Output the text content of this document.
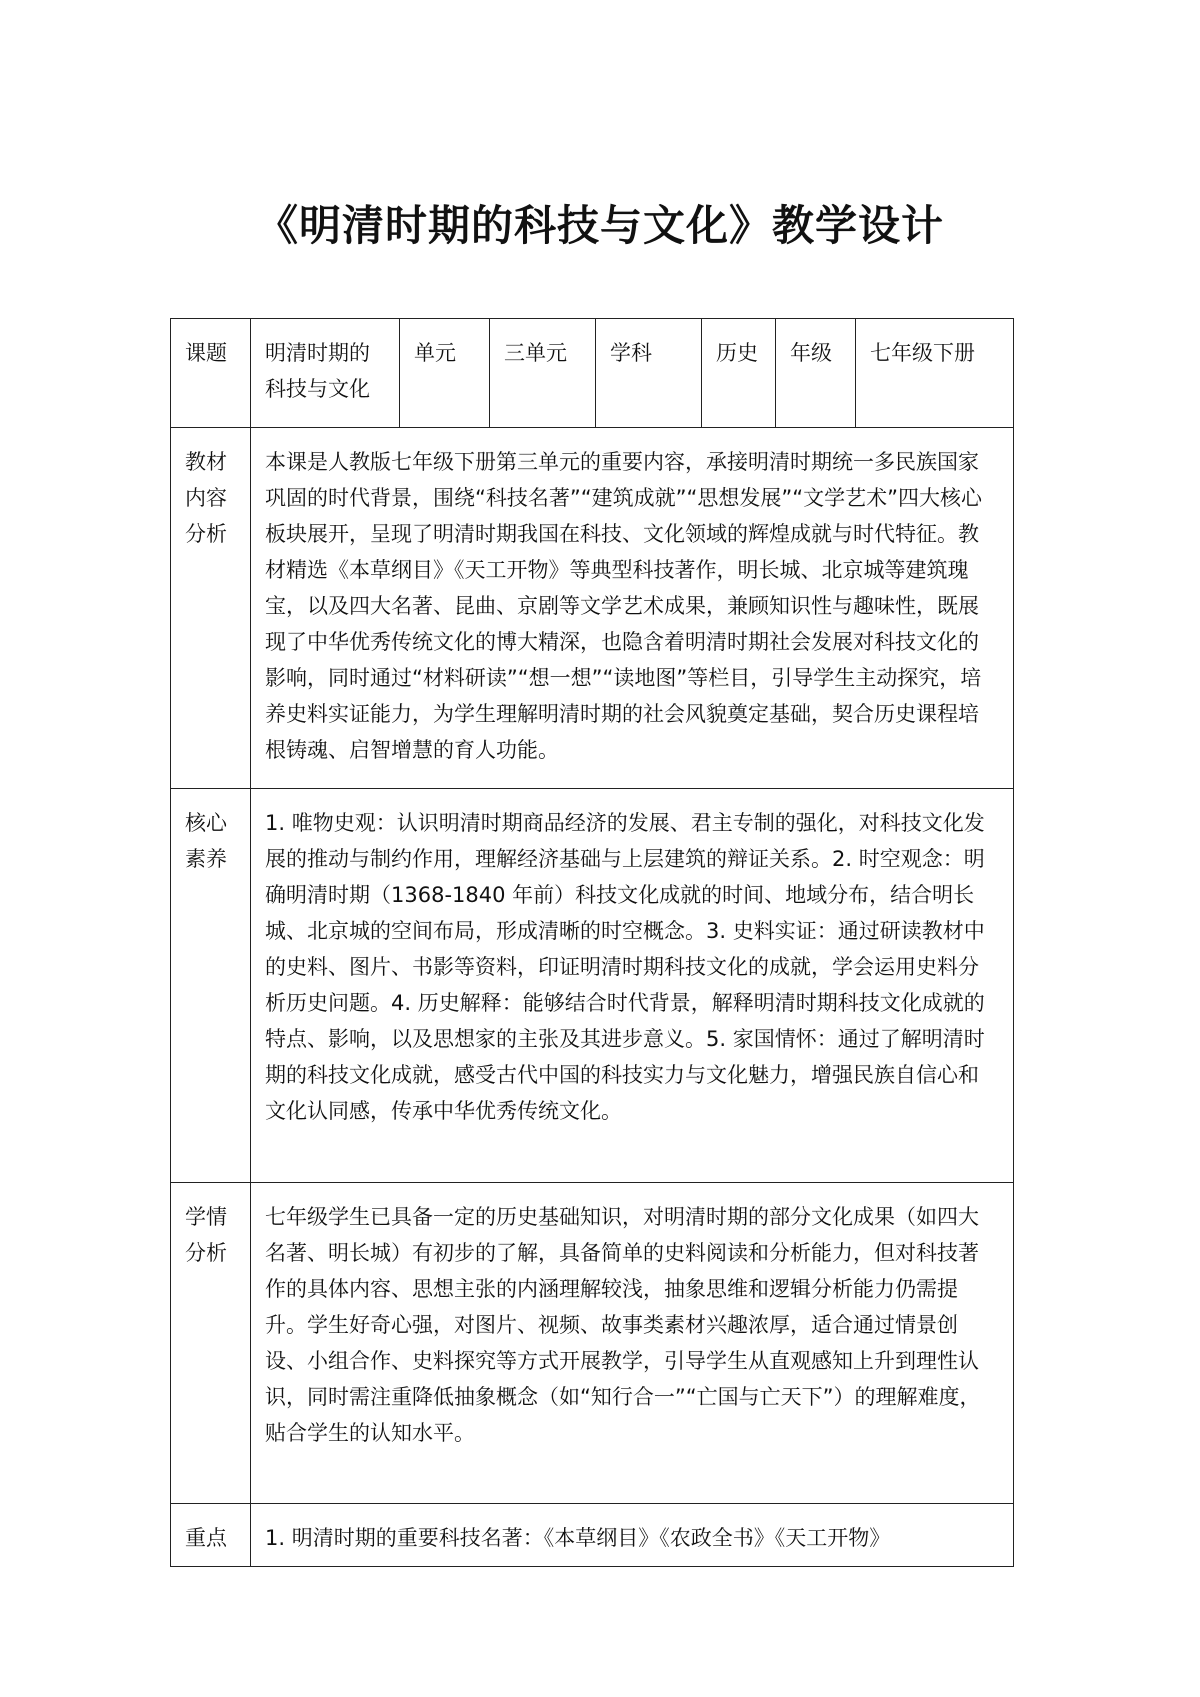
《明清时期的科技与文化》教学设计
课题	明清时期的科技与文化	单元	三单元	学科	历史	年级	七年级下册
教材内容分析	本课是人教版七年级下册第三单元的重要内容，承接明清时期统一多民族国家巩固的时代背景，围绕“科技名著”“建筑成就”“思想发展”“文学艺术”四大核心板块展开，呈现了明清时期我国在科技、文化领域的辉煌成就与时代特征。教材精选《本草纲目》《天工开物》等典型科技著作，明长城、北京城等建筑瑰宝，以及四大名著、昆曲、京剧等文学艺术成果，兼顾知识性与趣味性，既展现了中华优秀传统文化的博大精深，也隐含着明清时期社会发展对科技文化的影响，同时通过“材料研读”“想一想”“读地图”等栏目，引导学生主动探究，培养史料实证能力，为学生理解明清时期的社会风貌奠定基础，契合历史课程培根铸魂、启智增慧的育人功能。						
核心素养	1. 唯物史观：认识明清时期商品经济的发展、君主专制的强化，对科技文化发展的推动与制约作用，理解经济基础与上层建筑的辩证关系。2. 时空观念：明确明清时期（1368-1840 年前）科技文化成就的时间、地域分布，结合明长城、北京城的空间布局，形成清晰的时空概念。3. 史料实证：通过研读教材中的史料、图片、书影等资料，印证明清时期科技文化的成就，学会运用史料分析历史问题。4. 历史解释：能够结合时代背景，解释明清时期科技文化成就的特点、影响，以及思想家的主张及其进步意义。5. 家国情怀：通过了解明清时期的科技文化成就，感受古代中国的科技实力与文化魅力，增强民族自信心和文化认同感，传承中华优秀传统文化。						
学情分析	七年级学生已具备一定的历史基础知识，对明清时期的部分文化成果（如四大名著、明长城）有初步的了解，具备简单的史料阅读和分析能力，但对科技著作的具体内容、思想主张的内涵理解较浅，抽象思维和逻辑分析能力仍需提升。学生好奇心强，对图片、视频、故事类素材兴趣浓厚，适合通过情景创设、小组合作、史料探究等方式开展教学，引导学生从直观感知上升到理性认识，同时需注重降低抽象概念（如“知行合一”“亡国与亡天下”）的理解难度，贴合学生的认知水平。						
重点	1. 明清时期的重要科技名著：《本草纲目》《农政全书》《天工开物》						
